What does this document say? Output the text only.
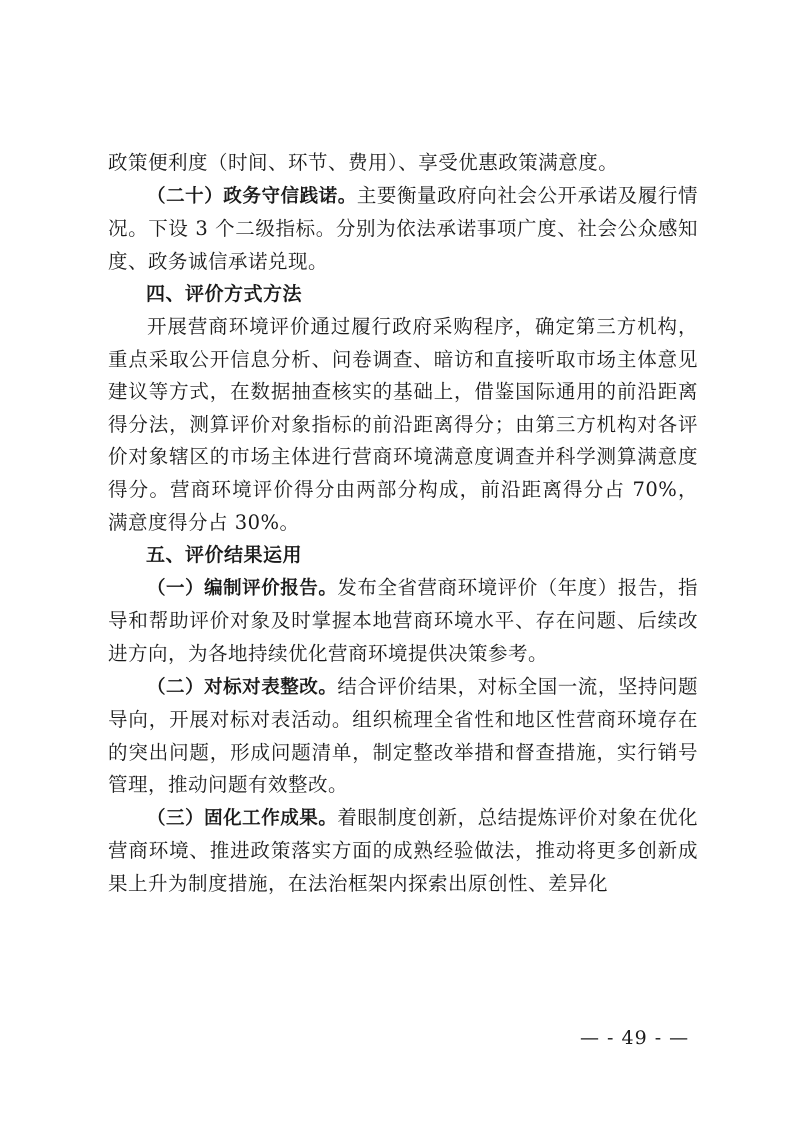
政策便利度（时间、环节、费用）、享受优惠政策满意度。

（二十）政务守信践诺。主要衡量政府向社会公开承诺及履行情况。下设 3 个二级指标。分别为依法承诺事项广度、社会公众感知度、政务诚信承诺兑现。

四、评价方式方法

开展营商环境评价通过履行政府采购程序，确定第三方机构，重点采取公开信息分析、问卷调查、暗访和直接听取市场主体意见建议等方式，在数据抽查核实的基础上，借鉴国际通用的前沿距离得分法，测算评价对象指标的前沿距离得分；由第三方机构对各评价对象辖区的市场主体进行营商环境满意度调查并科学测算满意度得分。营商环境评价得分由两部分构成，前沿距离得分占 70%，满意度得分占 30%。

五、评价结果运用

（一）编制评价报告。发布全省营商环境评价（年度）报告，指导和帮助评价对象及时掌握本地营商环境水平、存在问题、后续改进方向，为各地持续优化营商环境提供决策参考。

（二）对标对表整改。结合评价结果，对标全国一流，坚持问题导向，开展对标对表活动。组织梳理全省性和地区性营商环境存在的突出问题，形成问题清单，制定整改举措和督查措施，实行销号管理，推动问题有效整改。

（三）固化工作成果。着眼制度创新，总结提炼评价对象在优化营商环境、推进政策落实方面的成熟经验做法，推动将更多创新成果上升为制度措施，在法治框架内探索出原创性、差异化

— - 49 - —
